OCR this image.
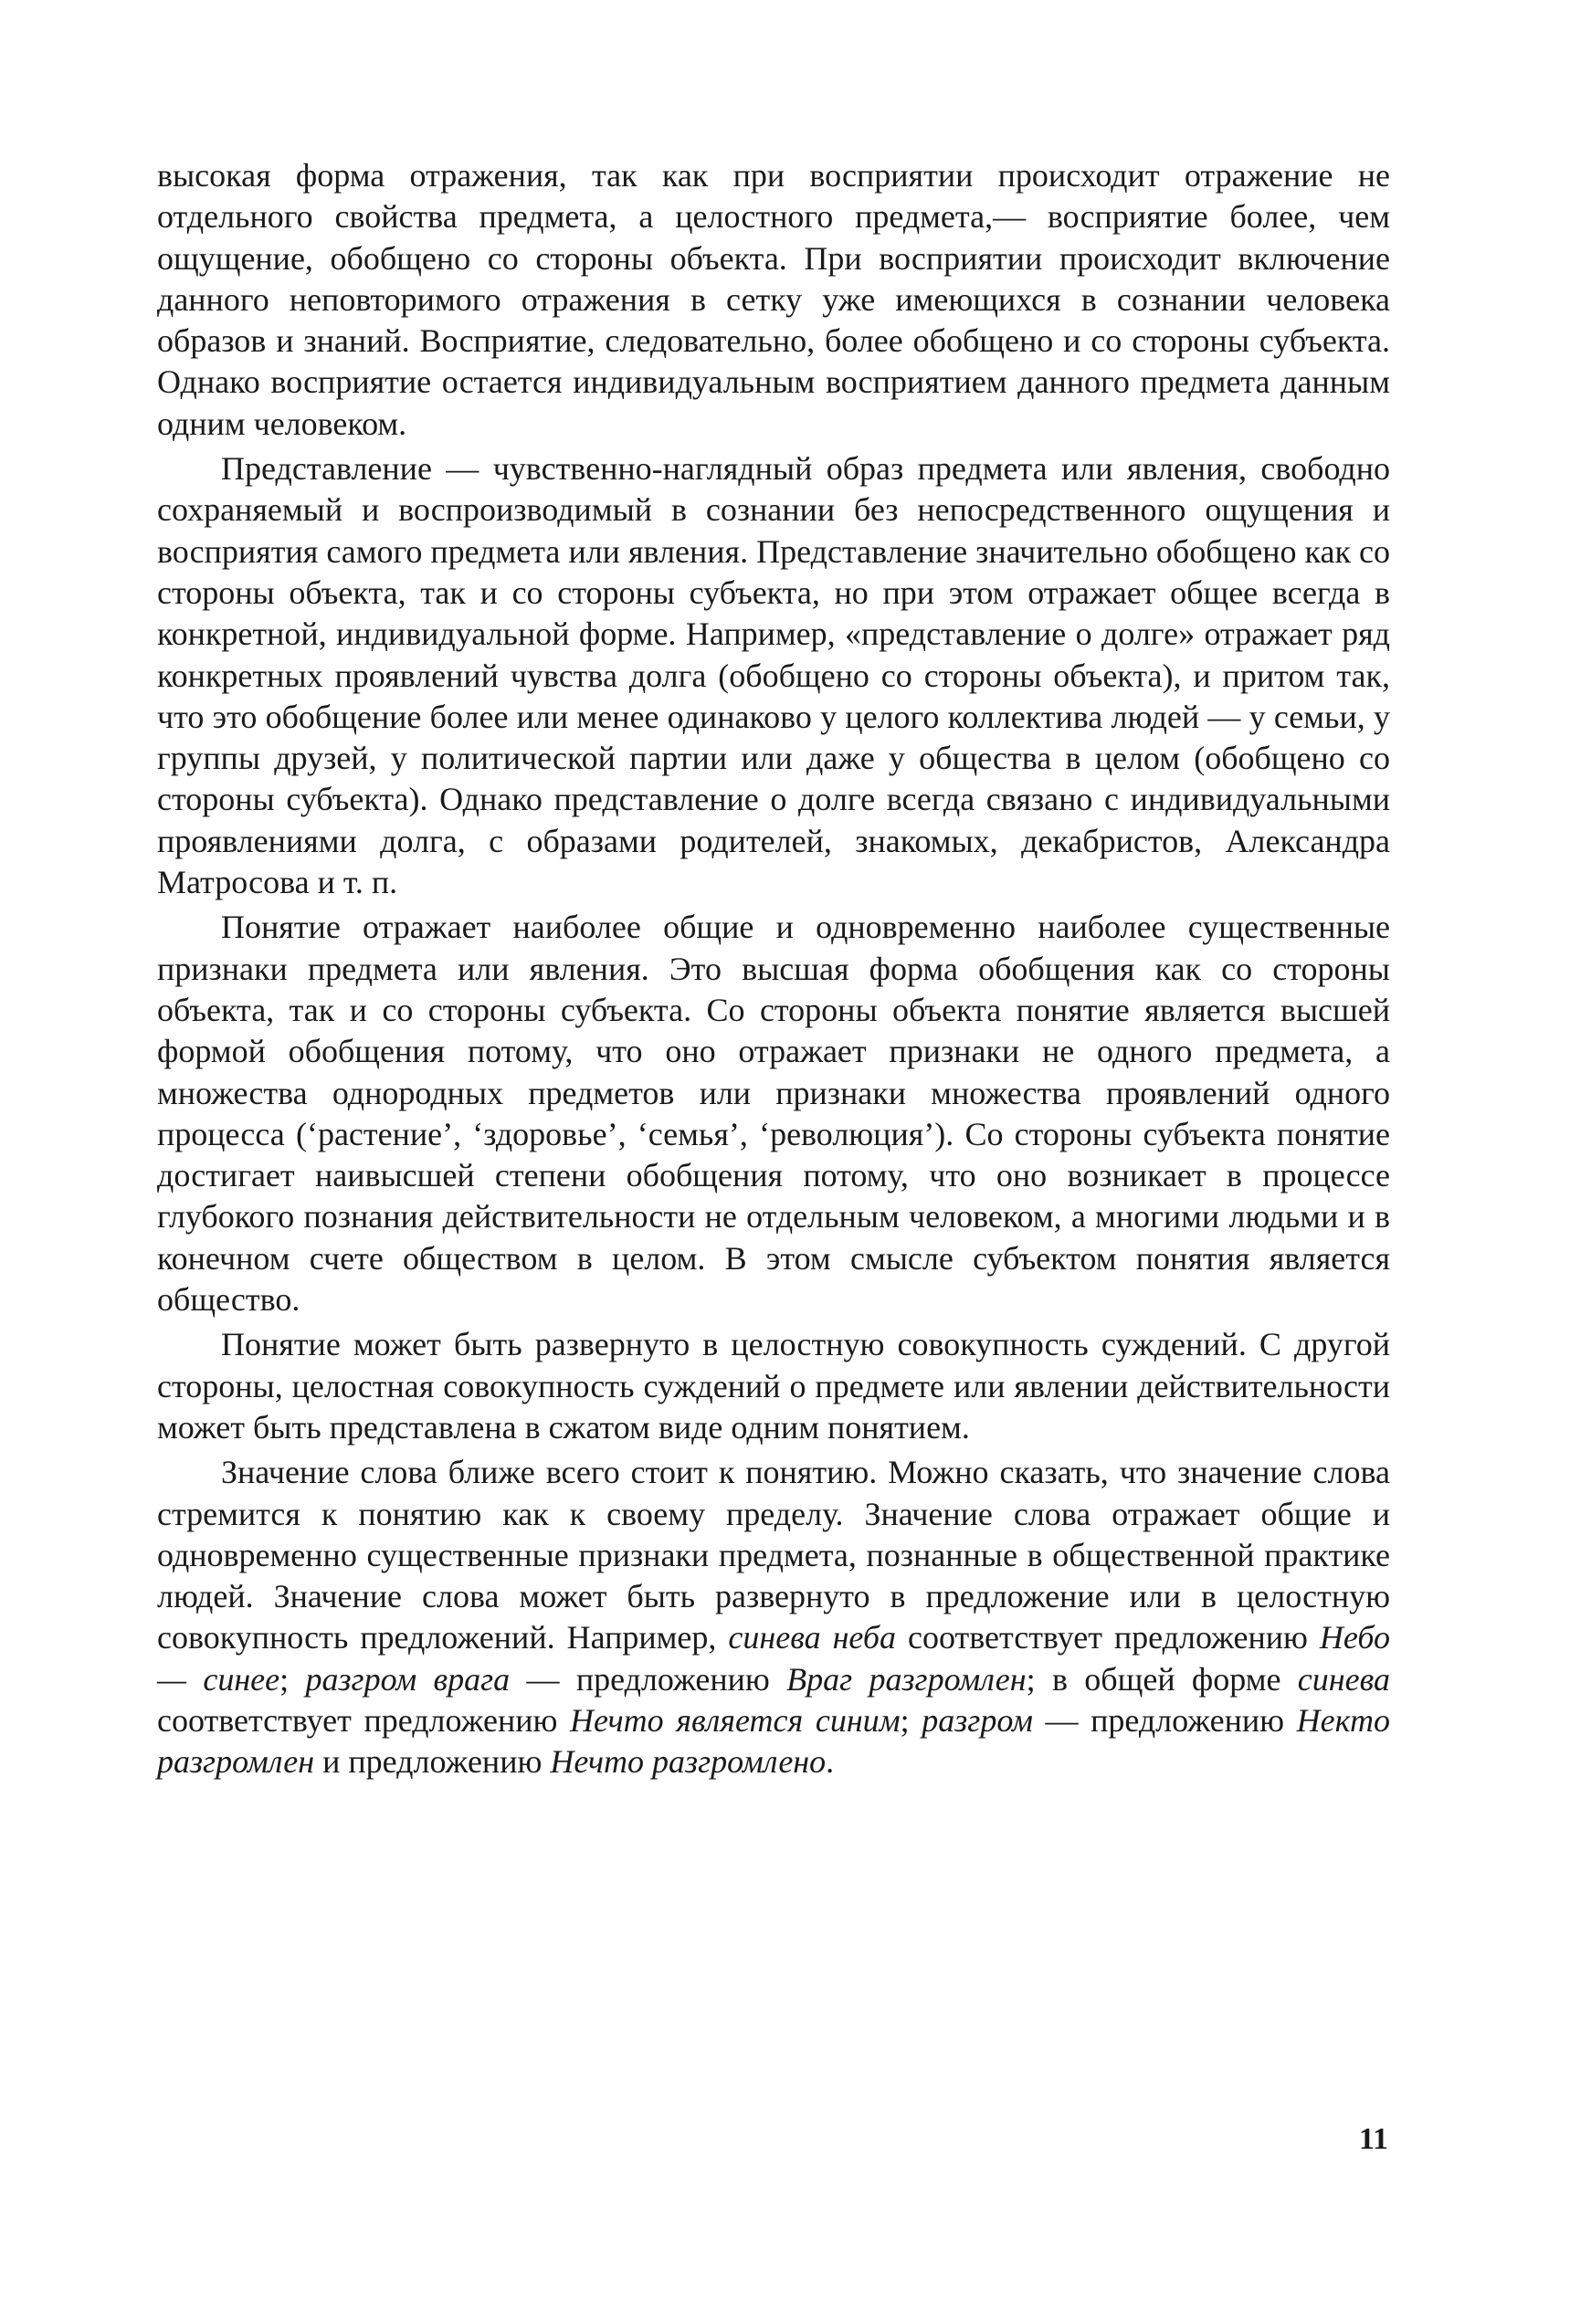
высокая форма отражения, так как при восприятии происходит отражение не отдельного свойства предмета, а целостного предмета,— восприятие более, чем ощущение, обобщено со стороны объекта. При восприятии происходит включение данного неповторимого отражения в сетку уже имеющихся в сознании человека образов и знаний. Восприятие, следовательно, более обобщено и со стороны субъекта. Однако восприятие остается индивидуальным восприятием данного предмета данным одним человеком.

Представление — чувственно-наглядный образ предмета или явления, свободно сохраняемый и воспроизводимый в сознании без непосредственного ощущения и восприятия самого предмета или явления. Представление значительно обобщено как со стороны объекта, так и со стороны субъекта, но при этом отражает общее всегда в конкретной, индивидуальной форме. Например, «представление о долге» отражает ряд конкретных проявлений чувства долга (обобщено со стороны объекта), и притом так, что это обобщение более или менее одинаково у целого коллектива людей — у семьи, у группы друзей, у политической партии или даже у общества в целом (обобщено со стороны субъекта). Однако представление о долге всегда связано с индивидуальными проявлениями долга, с образами родителей, знакомых, декабристов, Александра Матросова и т. п.

Понятие отражает наиболее общие и одновременно наиболее существенные признаки предмета или явления. Это высшая форма обобщения как со стороны объекта, так и со стороны субъекта. Со стороны объекта понятие является высшей формой обобщения потому, что оно отражает признаки не одного предмета, а множества однородных предметов или признаки множества проявлений одного процесса (‘растение’, ‘здоровье’, ‘семья’, ‘революция’). Со стороны субъекта понятие достигает наивысшей степени обобщения потому, что оно возникает в процессе глубокого познания действительности не отдельным человеком, а многими людьми и в конечном счете обществом в целом. В этом смысле субъектом понятия является общество.

Понятие может быть развернуто в целостную совокупность суждений. С другой стороны, целостная совокупность суждений о предмете или явлении действительности может быть представлена в сжатом виде одним понятием.

Значение слова ближе всего стоит к понятию. Можно сказать, что значение слова стремится к понятию как к своему пределу. Значение слова отражает общие и одновременно существенные признаки предмета, познанные в общественной практике людей. Значение слова может быть развернуто в предложение или в целостную совокупность предложений. Например, синева неба соответствует предложению Небо — синее; разгром врага — предложению Враг разгромлен; в общей форме синева соответствует предложению Нечто является синим; разгром — предложению Некто разгромлен и предложению Нечто разгромлено.

11
